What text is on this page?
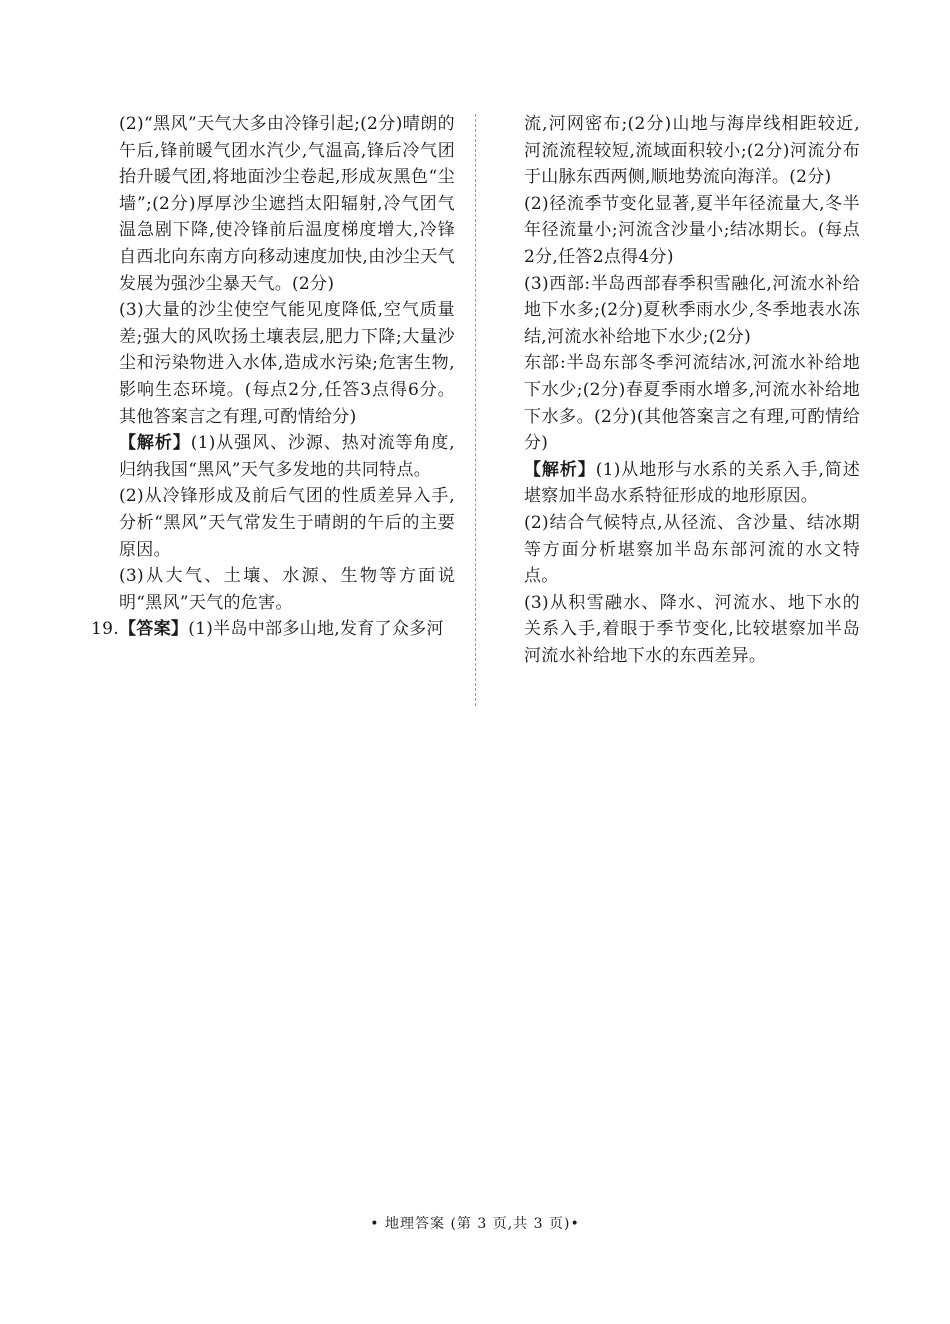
(2)“黑风”天气大多由冷锋引起;(2分)晴朗的午后,锋前暖气团水汽少,气温高,锋后冷气团抬升暖气团,将地面沙尘卷起,形成灰黑色“尘墙”;(2分)厚厚沙尘遮挡太阳辐射,冷气团气温急剧下降,使冷锋前后温度梯度增大,冷锋自西北向东南方向移动速度加快,由沙尘天气发展为强沙尘暴天气。(2分)

(3)大量的沙尘使空气能见度降低,空气质量差;强大的风吹扬土壤表层,肥力下降;大量沙尘和污染物进入水体,造成水污染;危害生物,影响生态环境。(每点2分,任答3点得6分。其他答案言之有理,可酌情给分)

【解析】(1)从强风、沙源、热对流等角度,归纳我国“黑风”天气多发地的共同特点。

(2)从冷锋形成及前后气团的性质差异入手,分析“黑风”天气常发生于晴朗的午后的主要原因。

(3)从大气、土壤、水源、生物等方面说明“黑风”天气的危害。

19.【答案】(1)半岛中部多山地,发育了众多河

流,河网密布;(2分)山地与海岸线相距较近,河流流程较短,流域面积较小;(2分)河流分布于山脉东西两侧,顺地势流向海洋。(2分)

(2)径流季节变化显著,夏半年径流量大,冬半年径流量小;河流含沙量小;结冰期长。(每点2分,任答2点得4分)

(3)西部:半岛西部春季积雪融化,河流水补给地下水多;(2分)夏秋季雨水少,冬季地表水冻结,河流水补给地下水少;(2分)

东部:半岛东部冬季河流结冰,河流水补给地下水少;(2分)春夏季雨水增多,河流水补给地下水多。(2分)(其他答案言之有理,可酌情给分)

【解析】(1)从地形与水系的关系入手,简述堪察加半岛水系特征形成的地形原因。

(2)结合气候特点,从径流、含沙量、结冰期等方面分析堪察加半岛东部河流的水文特点。

(3)从积雪融水、降水、河流水、地下水的关系入手,着眼于季节变化,比较堪察加半岛河流水补给地下水的东西差异。

• 地理答案 (第 3 页,共 3 页)•
